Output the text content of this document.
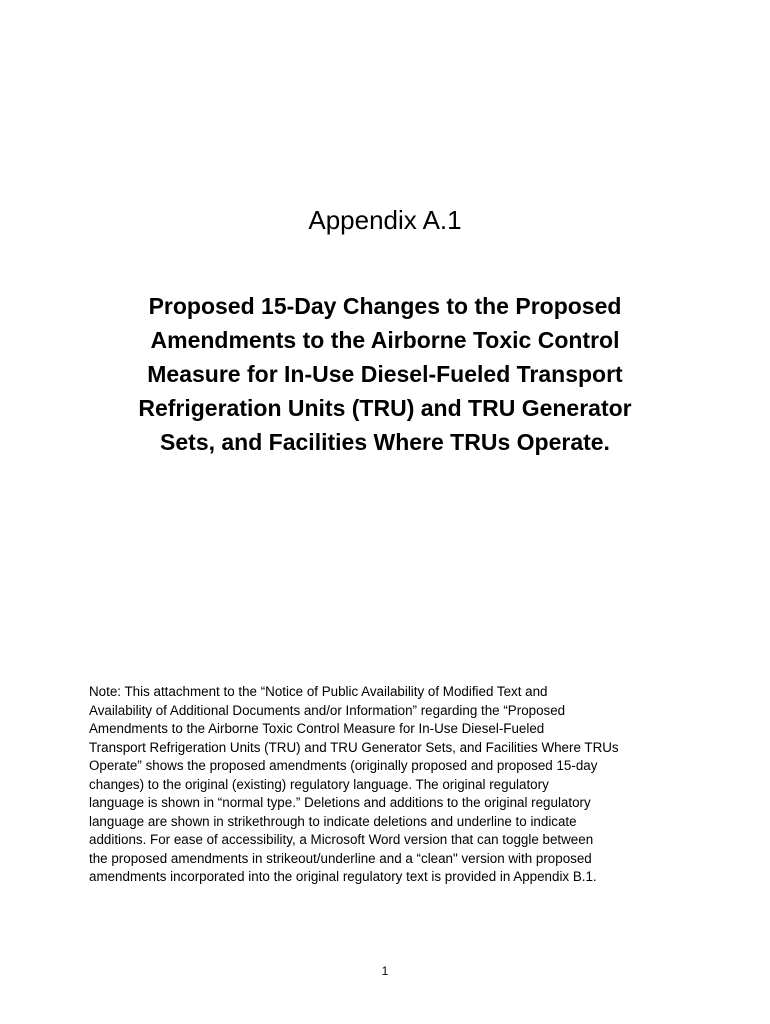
Appendix A.1
Proposed 15-Day Changes to the Proposed
Amendments to the Airborne Toxic Control
Measure for In-Use Diesel-Fueled Transport
Refrigeration Units (TRU) and TRU Generator
Sets, and Facilities Where TRUs Operate.

Note: This attachment to the “Notice of Public Availability of Modified Text and
Availability of Additional Documents and/or Information” regarding the “Proposed
Amendments to the Airborne Toxic Control Measure for In-Use Diesel-Fueled
Transport Refrigeration Units (TRU) and TRU Generator Sets, and Facilities Where TRUs
Operate” shows the proposed amendments (originally proposed and proposed 15-day
changes) to the original (existing) regulatory language. The original regulatory
language is shown in “normal type.” Deletions and additions to the original regulatory
language are shown in strikethrough to indicate deletions and underline to indicate
additions. For ease of accessibility, a Microsoft Word version that can toggle between
the proposed amendments in strikeout/underline and a “clean" version with proposed
amendments incorporated into the original regulatory text is provided in Appendix B.1.

1
